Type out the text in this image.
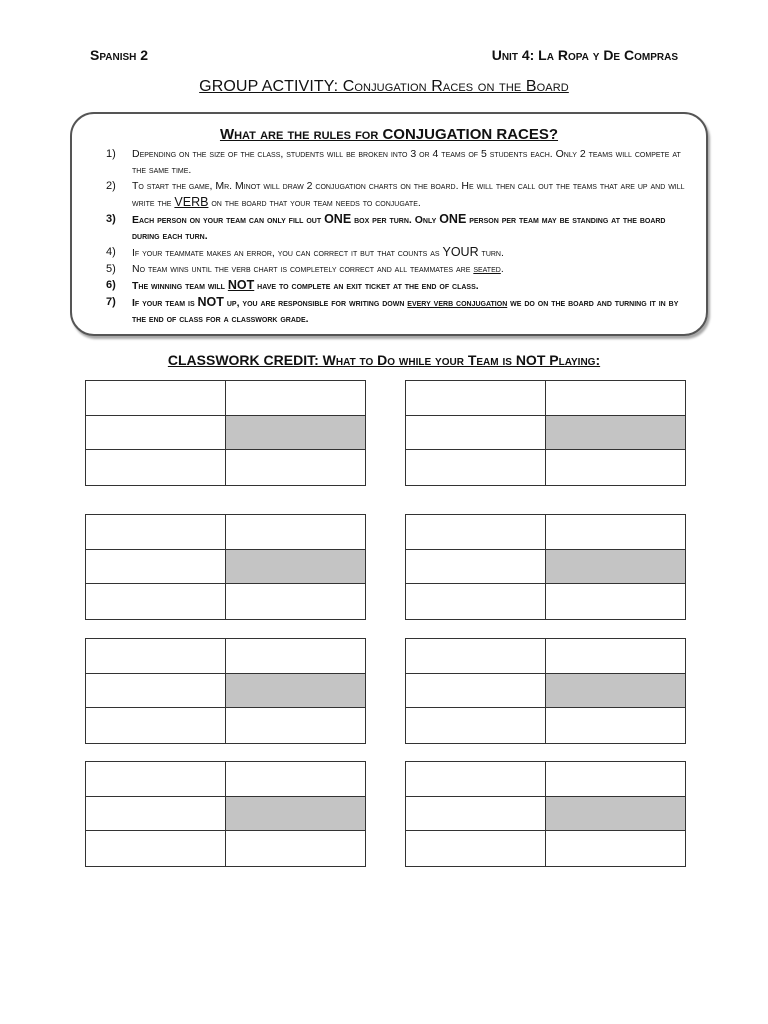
Spanish 2	Unit 4: La Ropa y De Compras
GROUP ACTIVITY: Conjugation Races on the Board
What are the rules for CONJUGATION RACES?
1) Depending on the size of the class, students will be broken into 3 or 4 teams of 5 students each. Only 2 teams will compete at the same time.
2) To start the game, Mr. Minot will draw 2 conjugation charts on the board. He will then call out the teams that are up and will write the VERB on the board that your team needs to conjugate.
3) Each person on your team can only fill out ONE box per turn. Only ONE person per team may be standing at the board during each turn.
4) If your teammate makes an error, you can correct it but that counts as YOUR turn.
5) No team wins until the verb chart is completely correct and all teammates are seated.
6) The winning team will NOT have to complete an exit ticket at the end of class.
7) If your team is NOT up, you are responsible for writing down every verb conjugation we do on the board and turning it in by the end of class for a classwork grade.
CLASSWORK CREDIT: What to Do while your Team is NOT Playing:
